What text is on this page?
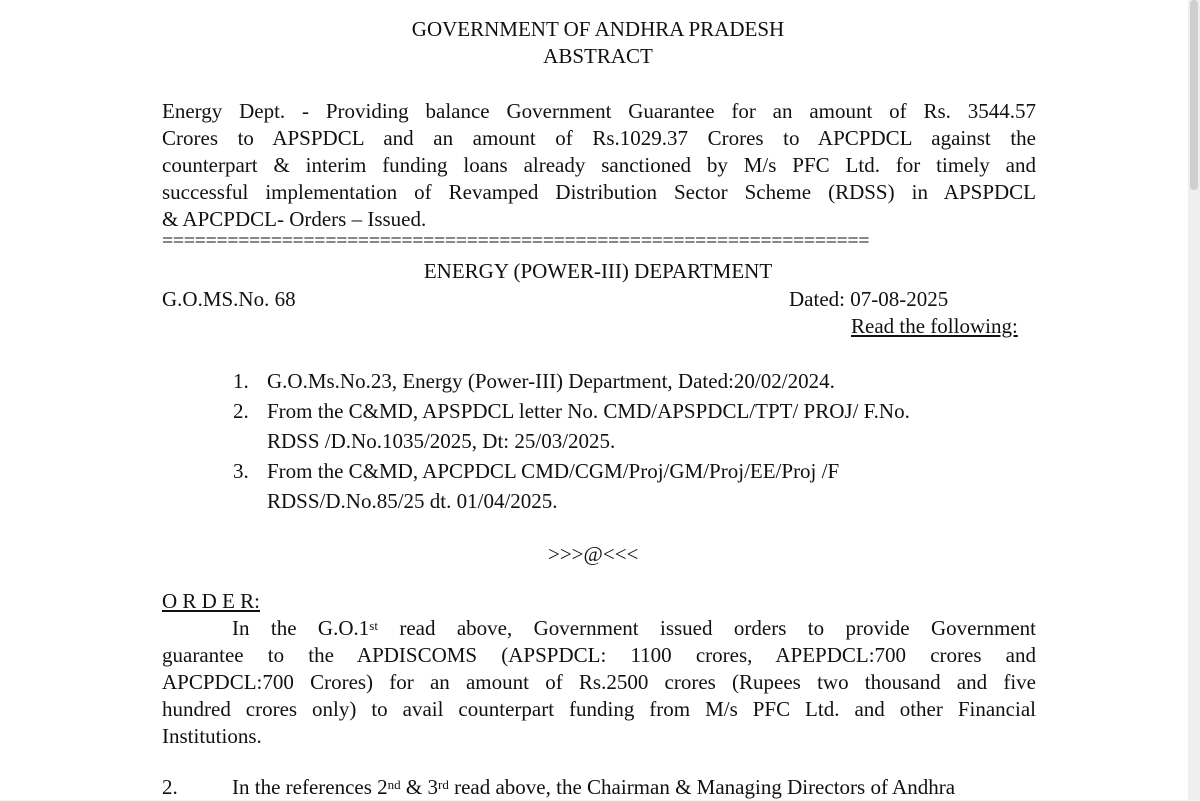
GOVERNMENT OF ANDHRA PRADESH
ABSTRACT
Energy Dept. - Providing balance Government Guarantee for an amount of Rs. 3544.57
Crores to APSPDCL and an amount of Rs.1029.37 Crores to APCPDCL against the
counterpart & interim funding loans already sanctioned by M/s PFC Ltd. for timely and
successful implementation of Revamped Distribution Sector Scheme (RDSS) in APSPDCL
& APCPDCL- Orders – Issued.
=================================================================
ENERGY (POWER-III) DEPARTMENT
G.O.MS.No. 68	Dated: 07-08-2025
Read the following:
1. G.O.Ms.No.23, Energy (Power-III) Department, Dated:20/02/2024.
2. From the C&MD, APSPDCL letter No. CMD/APSPDCL/TPT/ PROJ/ F.No.
RDSS /D.No.1035/2025, Dt: 25/03/2025.
3. From the C&MD, APCPDCL CMD/CGM/Proj/GM/Proj/EE/Proj /F
RDSS/D.No.85/25 dt. 01/04/2025.
>>>@<<<
O R D E R:
In the G.O.1st read above, Government issued orders to provide Government
guarantee to the APDISCOMS (APSPDCL: 1100 crores, APEPDCL:700 crores and
APCPDCL:700 Crores) for an amount of Rs.2500 crores (Rupees two thousand and five
hundred crores only) to avail counterpart funding from M/s PFC Ltd. and other Financial
Institutions.
2.	In the references 2nd & 3rd read above, the Chairman & Managing Directors of Andhra
